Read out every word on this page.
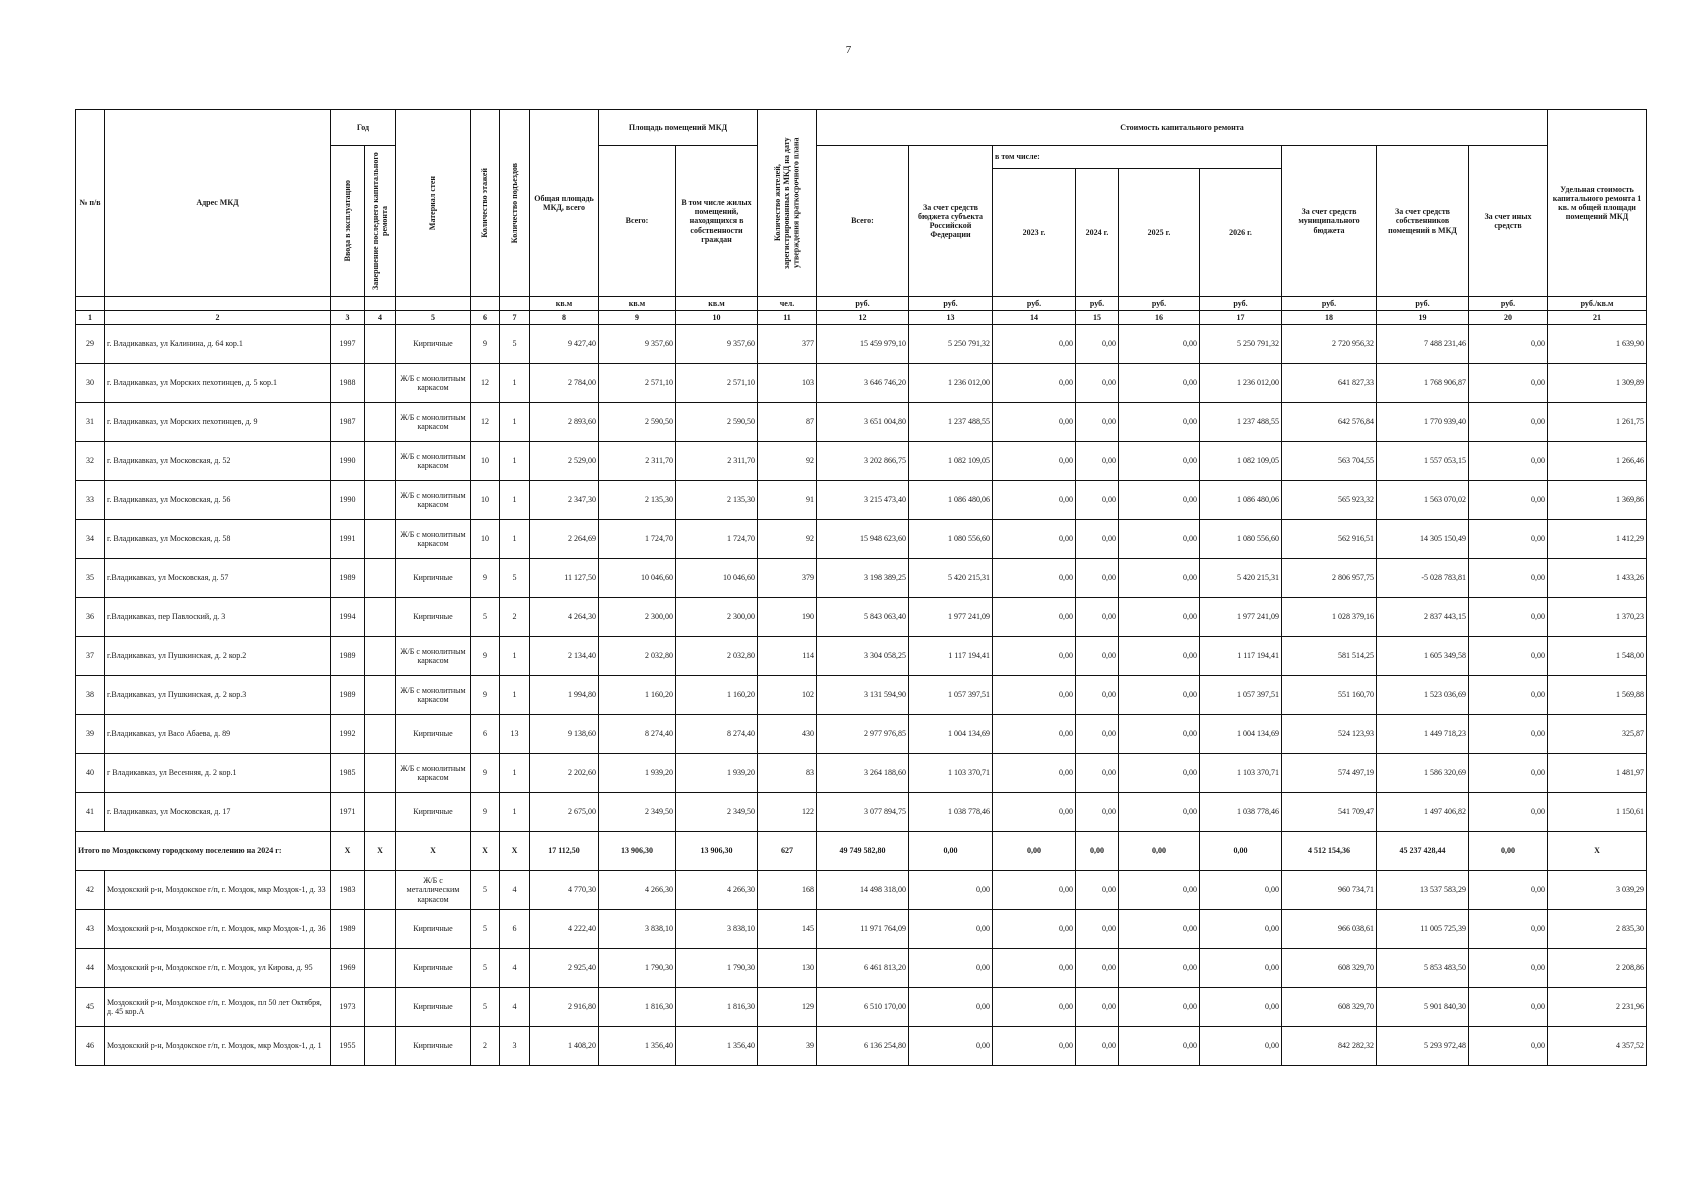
7
№ п/в	Адрес МКД	Год		Материал стен	Количество этажей	Количество подъездов	Общая площадь МКД, всего	Площадь помещений МКД		Количество жителей, зарегистрированных в МКД на дату утверждения краткосрочного плана	Стоимость капитального ремонта									Удельная стоимость капитального ремонта 1 кв. м общей площади помещений МКД

		Ввода в эксплуатацию	Завершение последнего капитального ремонта					Всего:	В том числе жилых помещений, находящихся в собственности граждан		Всего:	За счет средств бюджета субъекта Российской Федерации	в том числе:				За счет средств муниципального бюджета	За счет средств собственников помещений в МКД	За счет иных средств	
													2023 г.	2024 г.	2025 г.	2026 г.				
							кв.м	кв.м	кв.м	чел.	руб.	руб.	руб.	руб.	руб.	руб.	руб.	руб.	руб.	руб./кв.м
1	2	3	4	5	6	7	8	9	10	11	12	13	14	15	16	17	18	19	20	21
29	г. Владикавказ, ул Калинина, д. 64 кор.1	1997		Кирпичные	9	5	9 427,40	9 357,60	9 357,60	377	15 459 979,10	5 250 791,32	0,00	0,00	0,00	5 250 791,32	2 720 956,32	7 488 231,46	0,00	1 639,90
30	г. Владикавказ, ул Морских пехотинцев, д. 5 кор.1	1988		Ж/Б с монолитным каркасом	12	1	2 784,00	2 571,10	2 571,10	103	3 646 746,20	1 236 012,00	0,00	0,00	0,00	1 236 012,00	641 827,33	1 768 906,87	0,00	1 309,89
31	г. Владикавказ, ул Морских пехотинцев, д. 9	1987		Ж/Б с монолитным каркасом	12	1	2 893,60	2 590,50	2 590,50	87	3 651 004,80	1 237 488,55	0,00	0,00	0,00	1 237 488,55	642 576,84	1 770 939,40	0,00	1 261,75
32	г. Владикавказ, ул Московская, д. 52	1990		Ж/Б с монолитным каркасом	10	1	2 529,00	2 311,70	2 311,70	92	3 202 866,75	1 082 109,05	0,00	0,00	0,00	1 082 109,05	563 704,55	1 557 053,15	0,00	1 266,46
33	г. Владикавказ, ул Московская, д. 56	1990		Ж/Б с монолитным каркасом	10	1	2 347,30	2 135,30	2 135,30	91	3 215 473,40	1 086 480,06	0,00	0,00	0,00	1 086 480,06	565 923,32	1 563 070,02	0,00	1 369,86
34	г. Владикавказ, ул Московская, д. 58	1991		Ж/Б с монолитным каркасом	10	1	2 264,69	1 724,70	1 724,70	92	15 948 623,60	1 080 556,60	0,00	0,00	0,00	1 080 556,60	562 916,51	14 305 150,49	0,00	1 412,29
35	г.Владикавказ, ул Московская, д. 57	1989		Кирпичные	9	5	11 127,50	10 046,60	10 046,60	379	3 198 389,25	5 420 215,31	0,00	0,00	0,00	5 420 215,31	2 806 957,75	-5 028 783,81	0,00	1 433,26
36	г.Владикавказ, пер Павлоский, д. 3	1994		Кирпичные	5	2	4 264,30	2 300,00	2 300,00	190	5 843 063,40	1 977 241,09	0,00	0,00	0,00	1 977 241,09	1 028 379,16	2 837 443,15	0,00	1 370,23
37	г.Владикавказ, ул Пушкинская, д. 2 кор.2	1989		Ж/Б с монолитным каркасом	9	1	2 134,40	2 032,80	2 032,80	114	3 304 058,25	1 117 194,41	0,00	0,00	0,00	1 117 194,41	581 514,25	1 605 349,58	0,00	1 548,00
38	г.Владикавказ, ул Пушкинская, д. 2 кор.3	1989		Ж/Б с монолитным каркасом	9	1	1 994,80	1 160,20	1 160,20	102	3 131 594,90	1 057 397,51	0,00	0,00	0,00	1 057 397,51	551 160,70	1 523 036,69	0,00	1 569,88
39	г.Владикавказ, ул Васо Абаева, д. 89	1992		Кирпичные	6	13	9 138,60	8 274,40	8 274,40	430	2 977 976,85	1 004 134,69	0,00	0,00	0,00	1 004 134,69	524 123,93	1 449 718,23	0,00	325,87
40	г Владикавказ, ул Весенняя, д. 2 кор.1	1985		Ж/Б с монолитным каркасом	9	1	2 202,60	1 939,20	1 939,20	83	3 264 188,60	1 103 370,71	0,00	0,00	0,00	1 103 370,71	574 497,19	1 586 320,69	0,00	1 481,97
41	г. Владикавказ, ул Московская, д. 17	1971		Кирпичные	9	1	2 675,00	2 349,50	2 349,50	122	3 077 894,75	1 038 778,46	0,00	0,00	0,00	1 038 778,46	541 709,47	1 497 406,82	0,00	1 150,61
Итого по Моздокскому городскому поселению на 2024 г:		X	X	X	X	X	17 112,50	13 906,30	13 906,30	627	49 749 582,80	0,00	0,00	0,00	0,00	0,00	4 512 154,36	45 237 428,44	0,00	X
42	Моздокский р-н, Моздокское г/п, г. Моздок, мкр Моздок-1, д. 33	1983		Ж/Б с металлическим каркасом	5	4	4 770,30	4 266,30	4 266,30	168	14 498 318,00	0,00	0,00	0,00	0,00	0,00	960 734,71	13 537 583,29	0,00	3 039,29
43	Моздокский р-н, Моздокское г/п, г. Моздок, мкр Моздок-1, д. 36	1989		Кирпичные	5	6	4 222,40	3 838,10	3 838,10	145	11 971 764,09	0,00	0,00	0,00	0,00	0,00	966 038,61	11 005 725,39	0,00	2 835,30
44	Моздокский р-н, Моздокское г/п, г. Моздок, ул Кирова, д. 95	1969		Кирпичные	5	4	2 925,40	1 790,30	1 790,30	130	6 461 813,20	0,00	0,00	0,00	0,00	0,00	608 329,70	5 853 483,50	0,00	2 208,86
45	Моздокский р-н, Моздокское г/п, г. Моздок, пл 50 лет Октября, д. 45 кор.А	1973		Кирпичные	5	4	2 916,80	1 816,30	1 816,30	129	6 510 170,00	0,00	0,00	0,00	0,00	0,00	608 329,70	5 901 840,30	0,00	2 231,96
46	Моздокский р-н, Моздокское г/п, г. Моздок, мкр Моздок-1, д. 1	1955		Кирпичные	2	3	1 408,20	1 356,40	1 356,40	39	6 136 254,80	0,00	0,00	0,00	0,00	0,00	842 282,32	5 293 972,48	0,00	4 357,52
